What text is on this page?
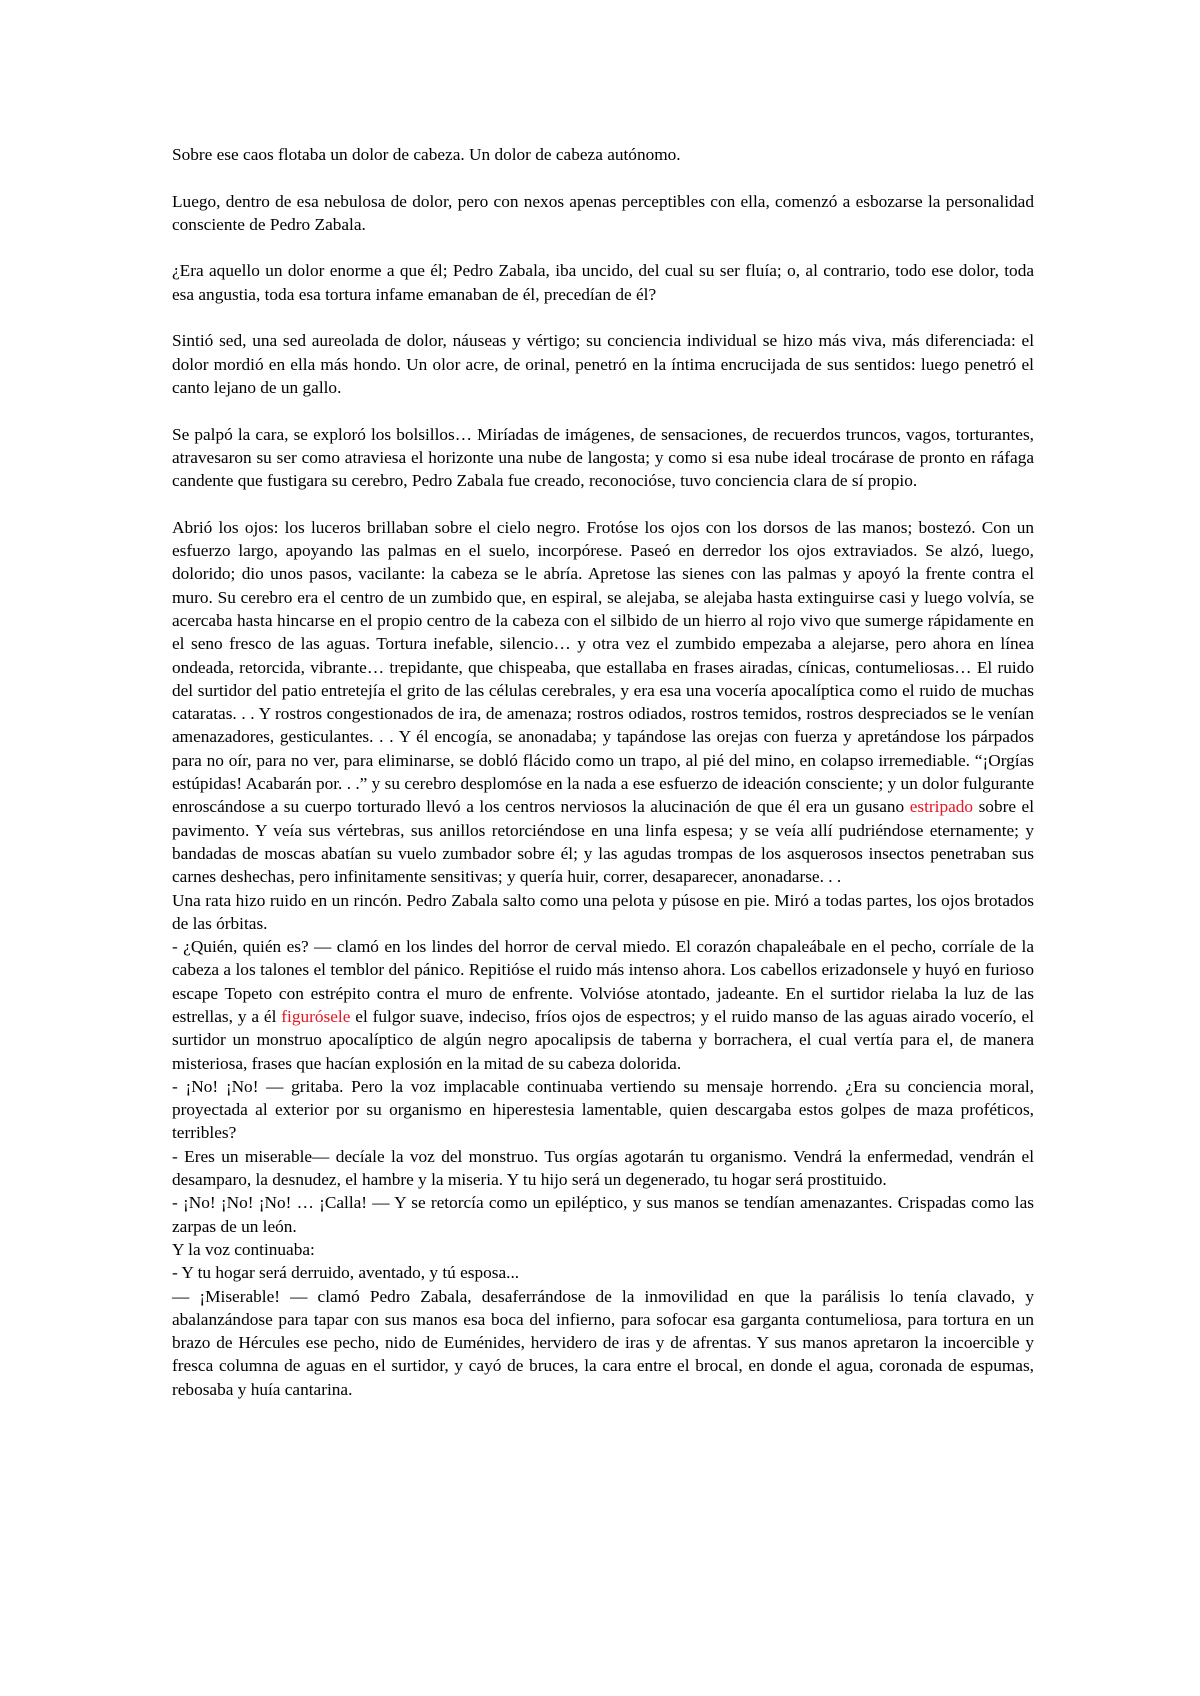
Sobre ese caos flotaba un dolor de cabeza. Un dolor de cabeza autónomo.

Luego, dentro de esa nebulosa de dolor, pero con nexos apenas perceptibles con ella, comenzó a esbozarse la personalidad consciente de Pedro Zabala.

¿Era aquello un dolor enorme a que él; Pedro Zabala, iba uncido, del cual su ser fluía; o, al contrario, todo ese dolor, toda esa angustia, toda esa tortura infame emanaban de él, precedían de él?

Sintió sed, una sed aureolada de dolor, náuseas y vértigo; su conciencia individual se hizo más viva, más diferenciada: el dolor mordió en ella más hondo. Un olor acre, de orinal, penetró en la íntima encrucijada de sus sentidos: luego penetró el canto lejano de un gallo.

Se palpó la cara, se exploró los bolsillos… Miríadas de imágenes, de sensaciones, de recuerdos truncos, vagos, torturantes, atravesaron su ser como atraviesa el horizonte una nube de langosta; y como si esa nube ideal trocárase de pronto en ráfaga candente que fustigara su cerebro, Pedro Zabala fue creado, reconocióse, tuvo conciencia clara de sí propio.

Abrió los ojos: los luceros brillaban sobre el cielo negro. Frotóse los ojos con los dorsos de las manos; bostezó. Con un esfuerzo largo, apoyando las palmas en el suelo, incorpórese. Paseó en derredor los ojos extraviados. Se alzó, luego, dolorido; dio unos pasos, vacilante: la cabeza se le abría. Apretose las sienes con las palmas y apoyó la frente contra el muro. Su cerebro era el centro de un zumbido que, en espiral, se alejaba, se alejaba hasta extinguirse casi y luego volvía, se acercaba hasta hincarse en el propio centro de la cabeza con el silbido de un hierro al rojo vivo que sumerge rápidamente en el seno fresco de las aguas. Tortura inefable, silencio… y otra vez el zumbido empezaba a alejarse, pero ahora en línea ondeada, retorcida, vibrante… trepidante, que chispeaba, que estallaba en frases airadas, cínicas, contumeliosas… El ruido del surtidor del patio entretejía el grito de las células cerebrales, y era esa una vocería apocalíptica como el ruido de muchas cataratas. . . Y rostros congestionados de ira, de amenaza; rostros odiados, rostros temidos, rostros despreciados se le venían amenazadores, gesticulantes. . . Y él encogía, se anonadaba; y tapándose las orejas con fuerza y apretándose los párpados para no oír, para no ver, para eliminarse, se dobló flácido como un trapo, al pié del mino, en colapso irremediable. “¡Orgías estúpidas! Acabarán por. . .” y su cerebro desplomóse en la nada a ese esfuerzo de ideación consciente; y un dolor fulgurante enroscándose a su cuerpo torturado llevó a los centros nerviosos la alucinación de que él era un gusano estripado sobre el pavimento. Y veía sus vértebras, sus anillos retorciéndose en una linfa espesa; y se veía allí pudriéndose eternamente; y bandadas de moscas abatían su vuelo zumbador sobre él; y las agudas trompas de los asquerosos insectos penetraban sus carnes deshechas, pero infinitamente sensitivas; y quería huir, correr, desaparecer, anonadarse. . .

Una rata hizo ruido en un rincón. Pedro Zabala salto como una pelota y púsose en pie. Miró a todas partes, los ojos brotados de las órbitas.

- ¿Quién, quién es? — clamó en los lindes del horror de cerval miedo. El corazón chapaleábale en el pecho, corríale de la cabeza a los talones el temblor del pánico. Repitióse el ruido más intenso ahora. Los cabellos erizadonsele y huyó en furioso escape Topeto con estrépito contra el muro de enfrente. Volvióse atontado, jadeante. En el surtidor rielaba la luz de las estrellas, y a él figurósele el fulgor suave, indeciso, fríos ojos de espectros; y el ruido manso de las aguas airado vocerío, el surtidor un monstruo apocalíptico de algún negro apocalipsis de taberna y borrachera, el cual vertía para el, de manera misteriosa, frases que hacían explosión en la mitad de su cabeza dolorida.

- ¡No! ¡No! — gritaba. Pero la voz implacable continuaba vertiendo su mensaje horrendo. ¿Era su conciencia moral, proyectada al exterior por su organismo en hiperestesia lamentable, quien descargaba estos golpes de maza proféticos, terribles?

- Eres un miserable— decíale la voz del monstruo. Tus orgías agotarán tu organismo. Vendrá la enfermedad, vendrán el desamparo, la desnudez, el hambre y la miseria. Y tu hijo será un degenerado, tu hogar será prostituido.

- ¡No! ¡No! ¡No! … ¡Calla! — Y se retorcía como un epiléptico, y sus manos se tendían amenazantes. Crispadas como las zarpas de un león.

Y la voz continuaba:

- Y tu hogar será derruido, aventado, y tú esposa...

— ¡Miserable! — clamó Pedro Zabala, desaferrándose de la inmovilidad en que la parálisis lo tenía clavado, y abalanzándose para tapar con sus manos esa boca del infierno, para sofocar esa garganta contumeliosa, para tortura en un brazo de Hércules ese pecho, nido de Euménides, hervidero de iras y de afrentas. Y sus manos apretaron la incoercible y fresca columna de aguas en el surtidor, y cayó de bruces, la cara entre el brocal, en donde el agua, coronada de espumas, rebosaba y huía cantarina.
